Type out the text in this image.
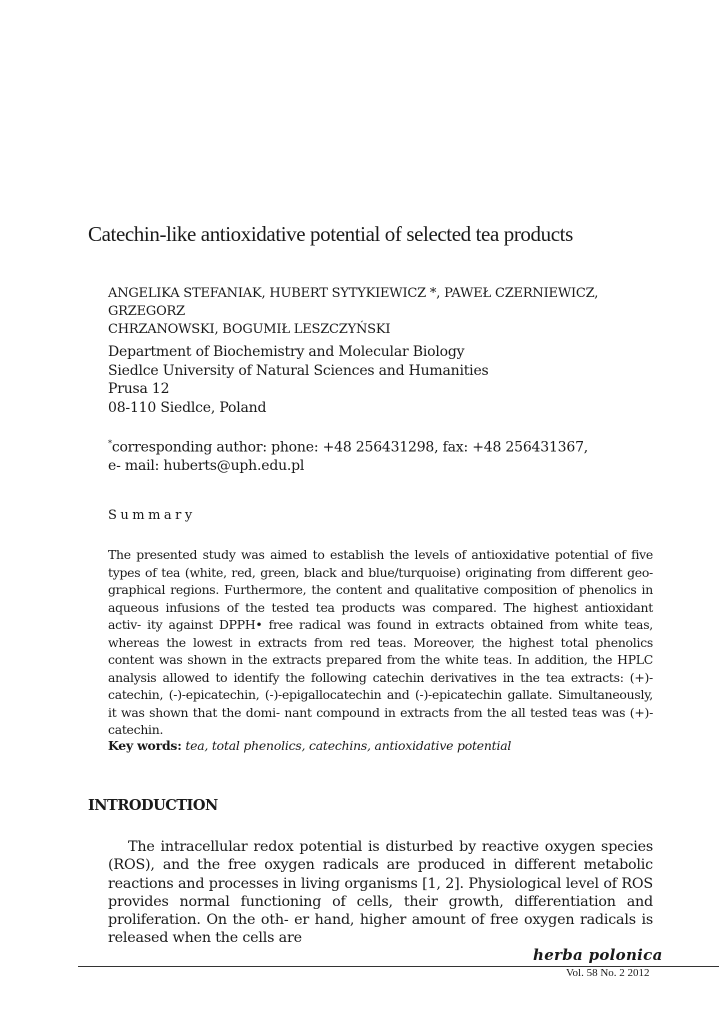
Catechin-like antioxidative potential of selected tea products
ANGELIKA STEFANIAK, HUBERT SYTYKIEWICZ *, PAWEŁ CZERNIEWICZ, GRZEGORZ
CHRZANOWSKI, BOGUMIŁ LESZCZYŃSKI
Department of Biochemistry and Molecular Biology
Siedlce University of Natural Sciences and Humanities
Prusa 12
08-110 Siedlce, Poland
*corresponding author: phone: +48 256431298, fax: +48 256431367,
e- mail: huberts@uph.edu.pl
Summary
The presented study was aimed to establish the levels of antioxidative potential of five types of tea (white, red, green, black and blue/turquoise) originating from different geo- graphical regions. Furthermore, the content and qualitative composition of phenolics in aqueous infusions of the tested tea products was compared. The highest antioxidant activ- ity against DPPH• free radical was found in extracts obtained from white teas, whereas the lowest in extracts from red teas. Moreover, the highest total phenolics content was shown in the extracts prepared from the white teas. In addition, the HPLC analysis allowed to identify the following catechin derivatives in the tea extracts: (+)-catechin, (-)-epicatechin, (-)-epigallocatechin and (-)-epicatechin gallate. Simultaneously, it was shown that the domi- nant compound in extracts from the all tested teas was (+)-catechin.
Key words: tea, total phenolics, catechins, antioxidative potential
INTRODUCTION
The intracellular redox potential is disturbed by reactive oxygen species (ROS), and the free oxygen radicals are produced in different metabolic reactions and processes in living organisms [1, 2]. Physiological level of ROS provides normal functioning of cells, their growth, differentiation and proliferation. On the oth- er hand, higher amount of free oxygen radicals is released when the cells are
herba polonica
Vol. 58 No. 2 2012
